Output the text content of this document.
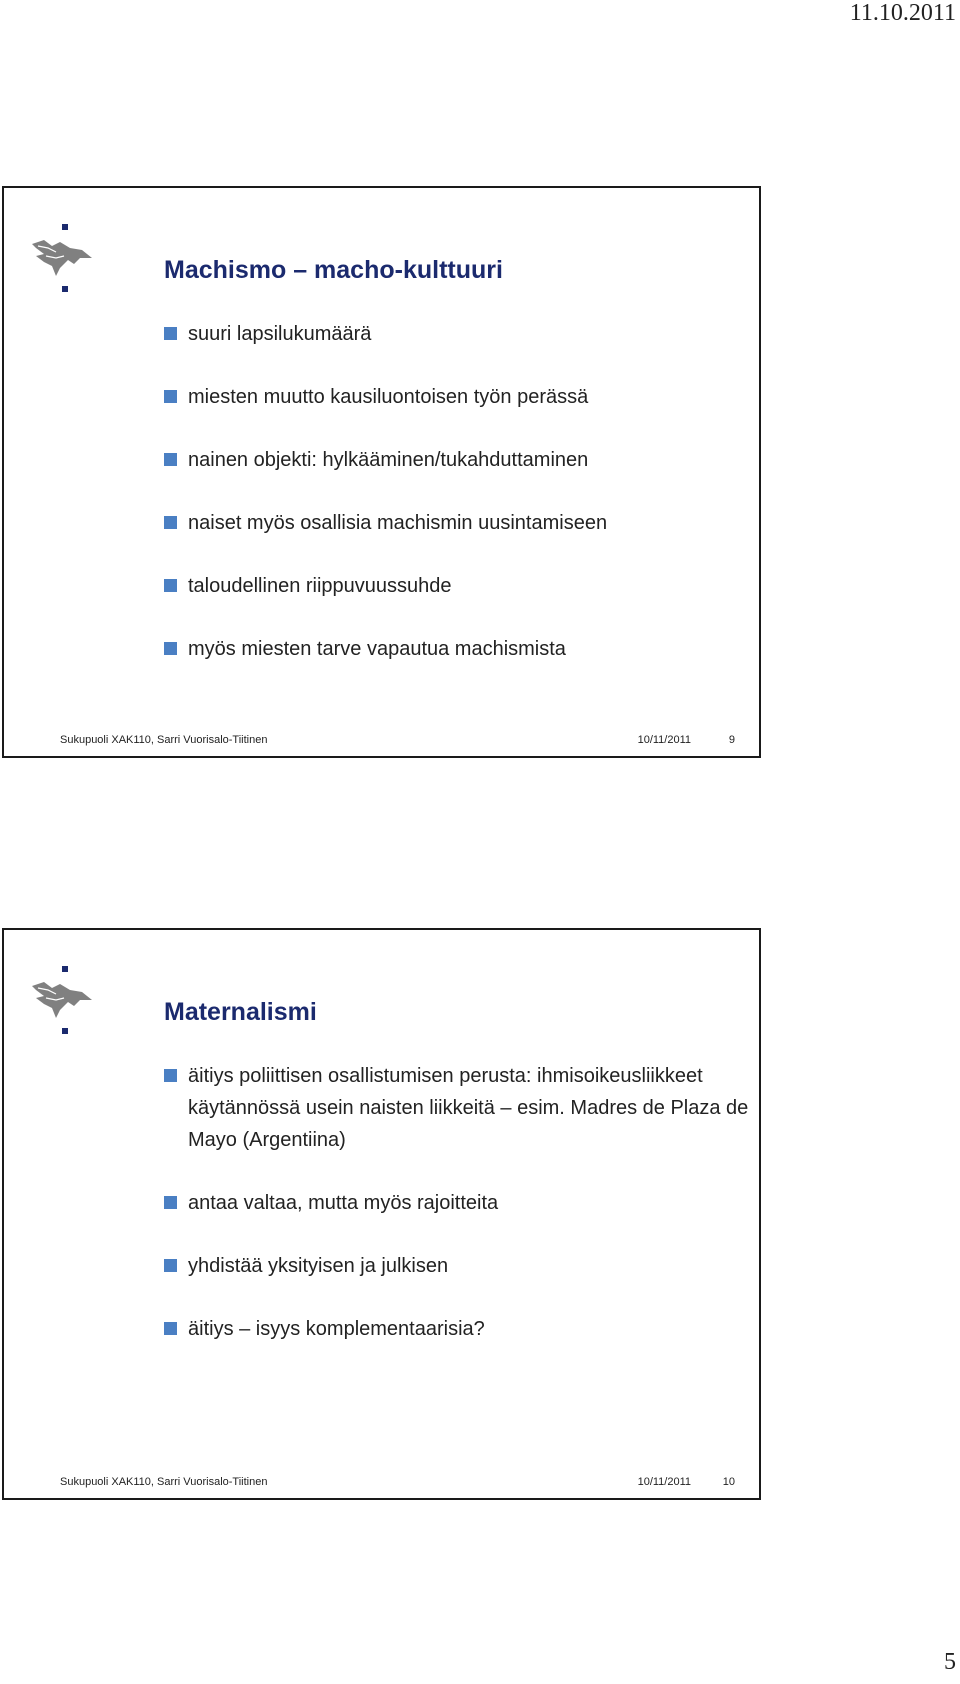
11.10.2011
Machismo – macho-kulttuuri
suuri lapsilukumäärä
miesten muutto kausiluontoisen työn perässä
nainen objekti: hylkääminen/tukahduttaminen
naiset myös osallisia machismin uusintamiseen
taloudellinen riippuvuussuhde
myös miesten tarve vapautua machismista
Sukupuoli XAK110, Sarri Vuorisalo-Tiitinen	10/11/2011	9
Maternalismi
äitiys poliittisen osallistumisen perusta: ihmisoikeusliikkeet käytännössä usein naisten liikkeitä – esim. Madres de Plaza de Mayo (Argentiina)
antaa valtaa, mutta myös rajoitteita
yhdistää yksityisen ja julkisen
äitiys – isyys komplementaarisia?
Sukupuoli XAK110, Sarri Vuorisalo-Tiitinen	10/11/2011	10
5
